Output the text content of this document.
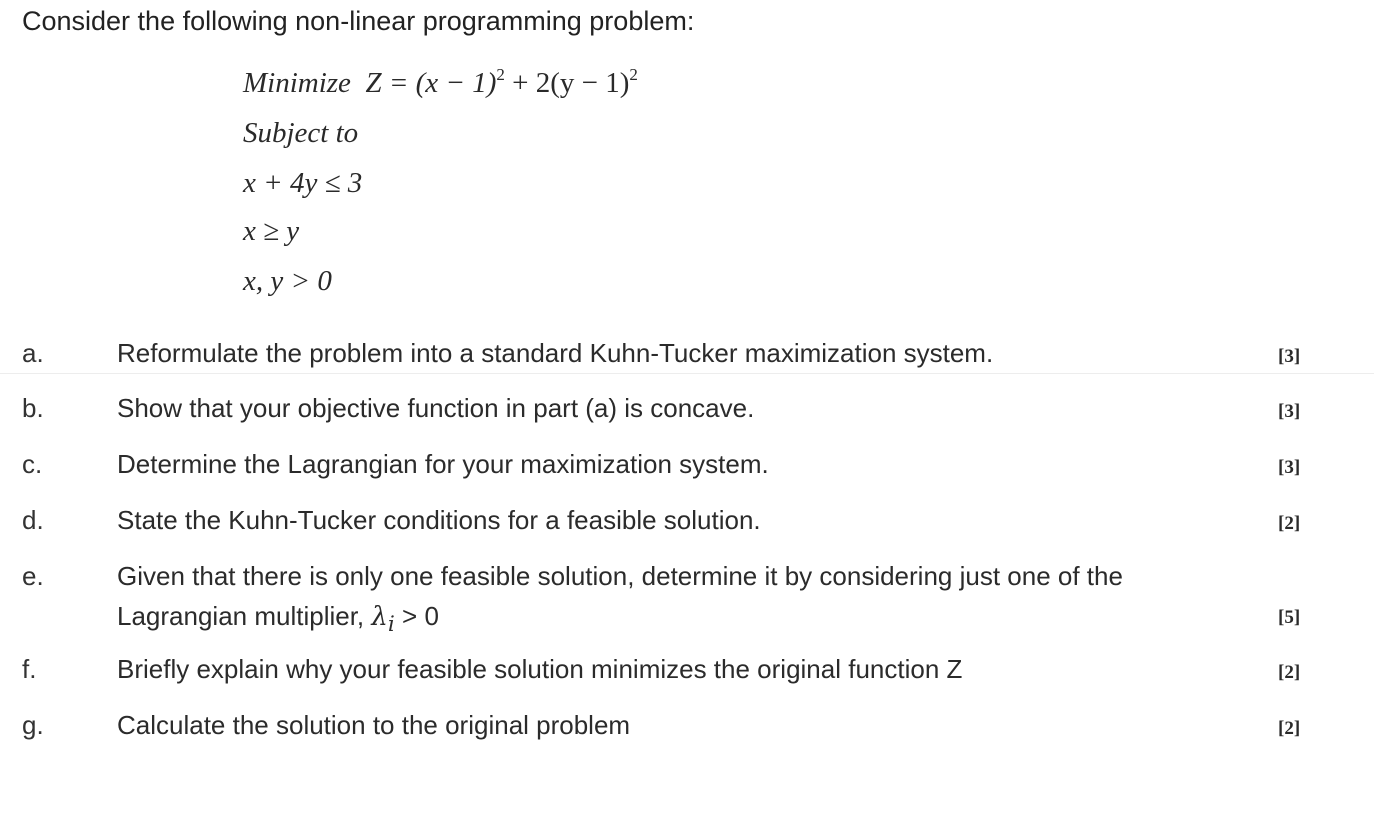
Consider the following non-linear programming problem:
Minimize $Z = (x - 1)^2 + 2(y - 1)^2$
Subject to
x + 4y ≤ 3
x ≥ y
x, y > 0
a.	Reformulate the problem into a standard Kuhn-Tucker maximization system.	[3]
b.	Show that your objective function in part (a) is concave.	[3]
c.	Determine the Lagrangian for your maximization system.	[3]
d.	State the Kuhn-Tucker conditions for a feasible solution.	[2]
e.	Given that there is only one feasible solution, determine it by considering just one of the
Lagrangian multiplier, $\lambda_i > 0$	[5]
f.	Briefly explain why your feasible solution minimizes the original function Z	[2]
g.	Calculate the solution to the original problem	[2]
